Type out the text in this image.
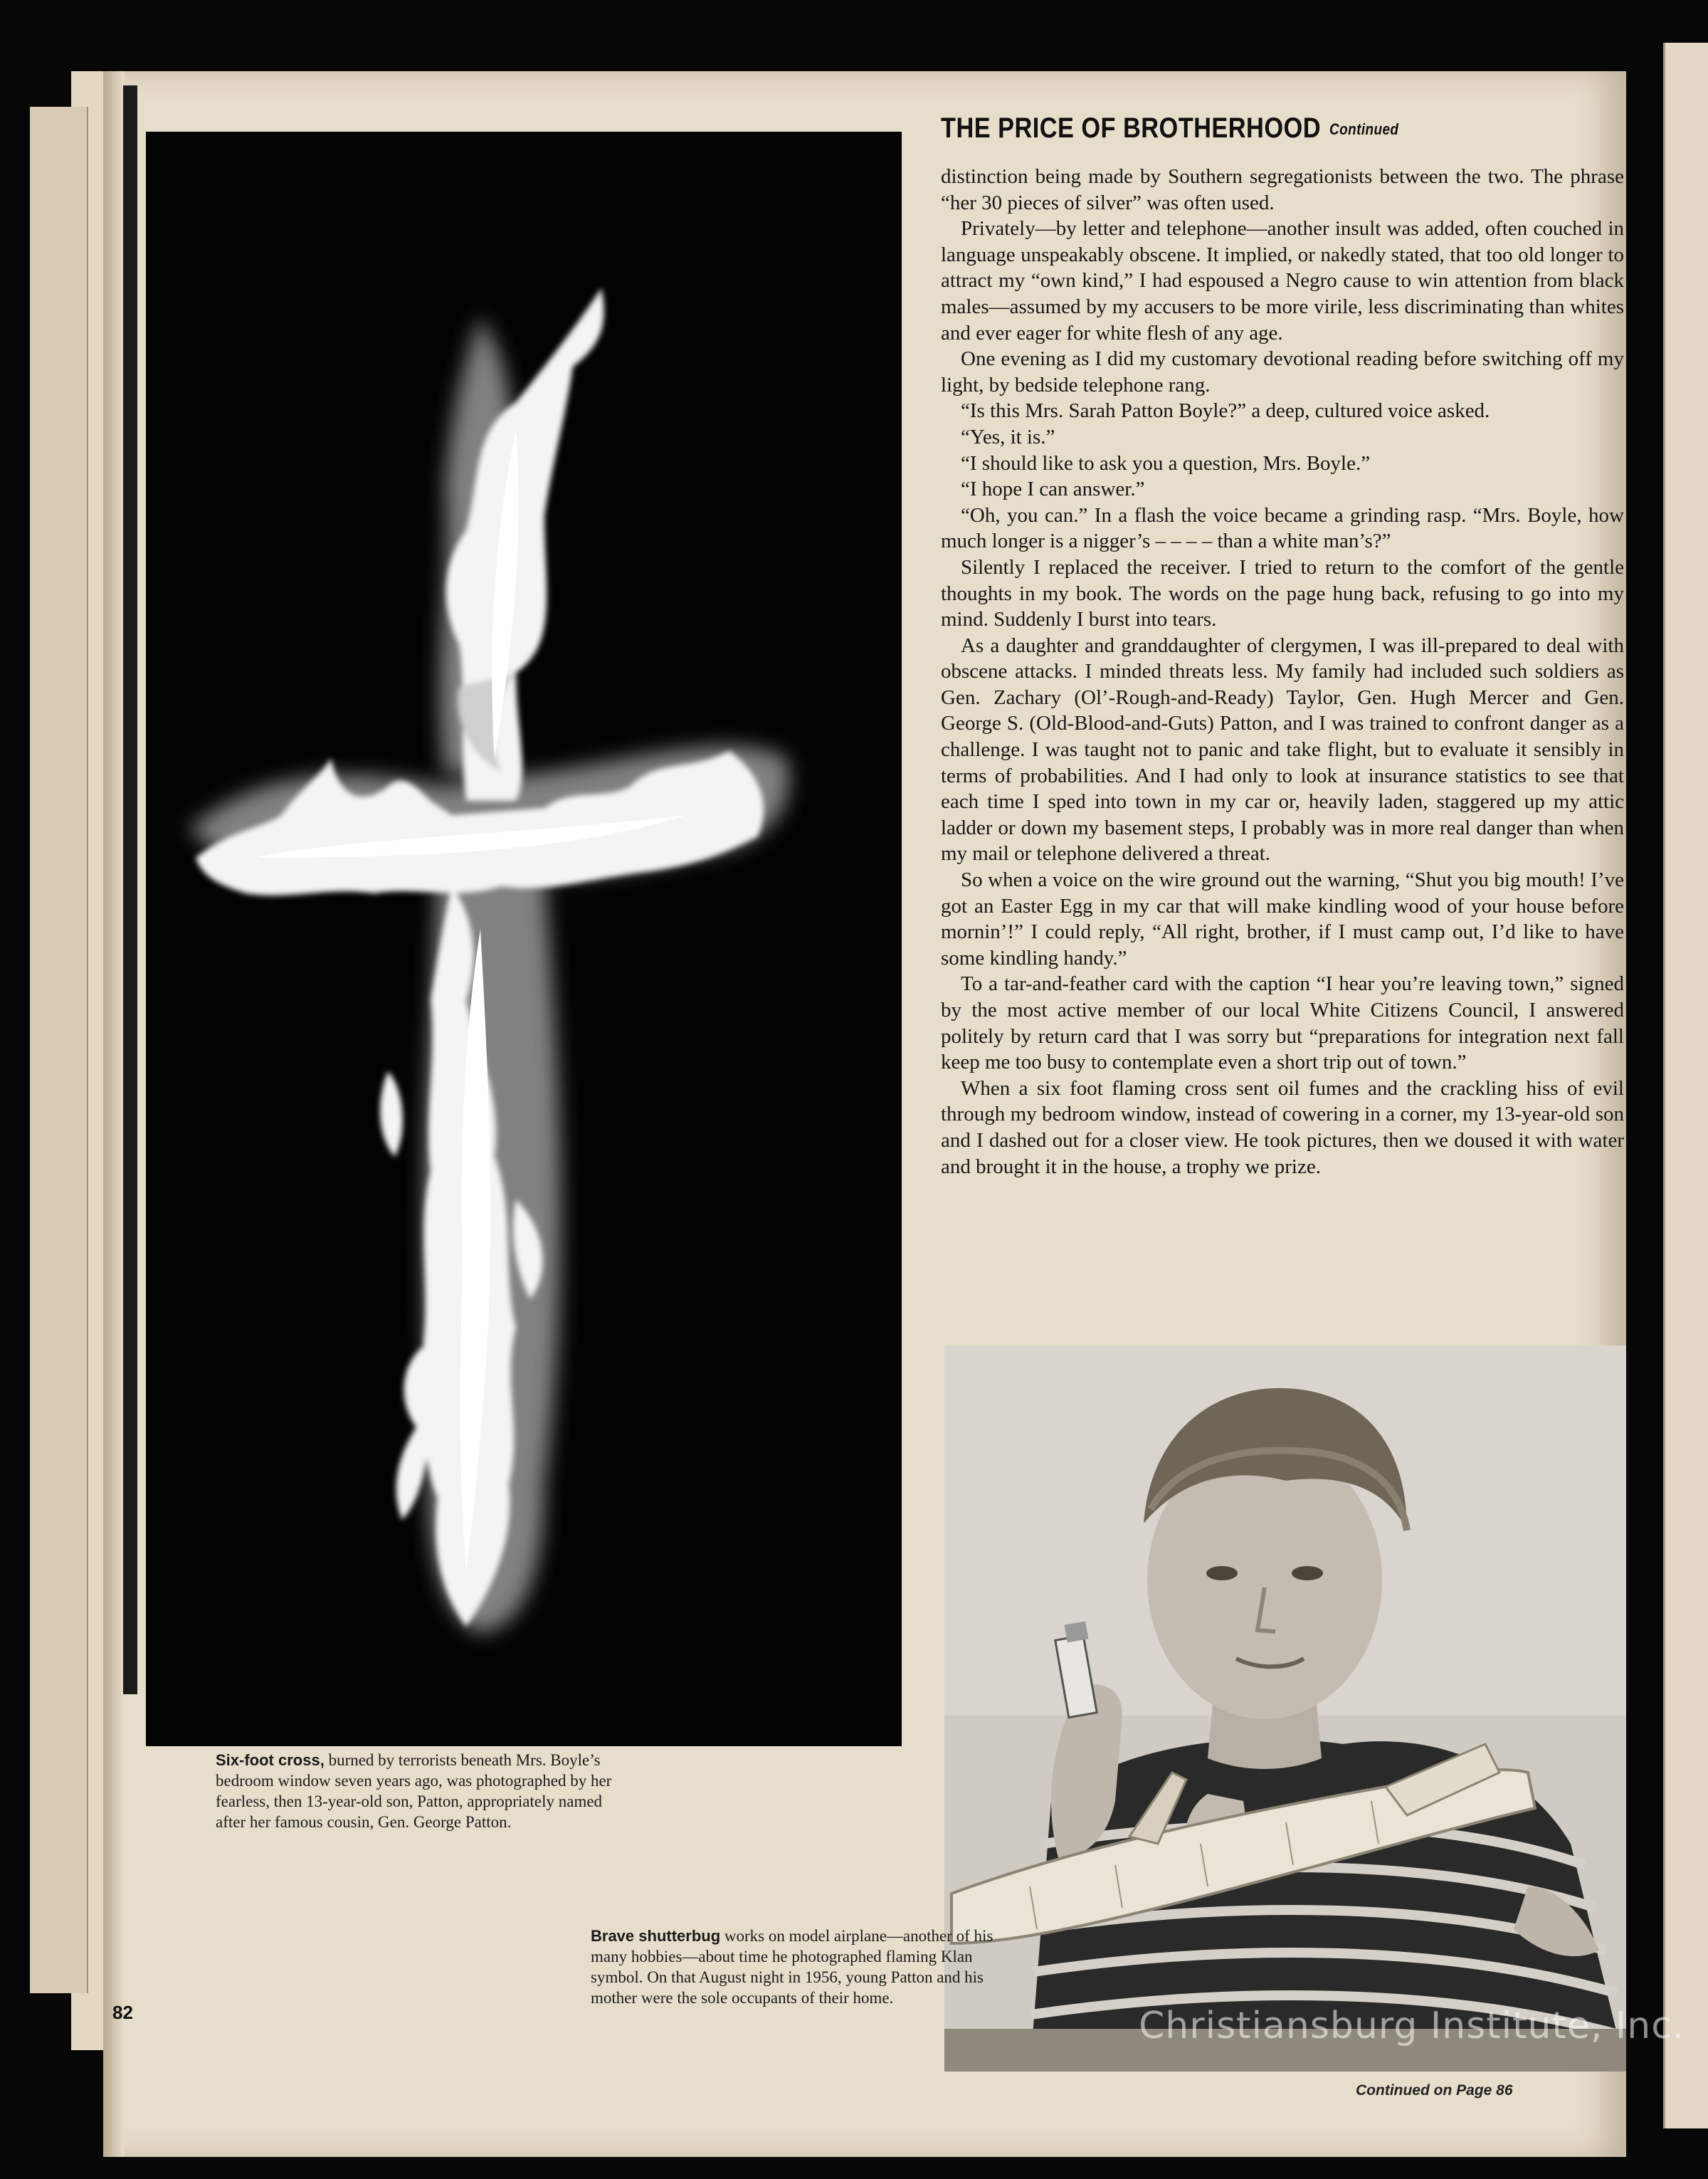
Six-foot cross, burned by terrorists beneath Mrs. Boyle’s bedroom window seven years ago, was photographed by her fearless, then 13-year-old son, Patton, appropriately named after her famous cousin, Gen. George Patton.
THE PRICE OF BROTHERHOOD Continued

distinction being made by Southern segregationists between the two. The phrase “her 30 pieces of silver” was often used.

Privately—by letter and telephone—another insult was added, often couched in language unspeakably obscene. It implied, or nakedly stated, that too old longer to attract my “own kind,” I had espoused a Negro cause to win attention from black males—assumed by my accusers to be more virile, less discriminating than whites and ever eager for white flesh of any age.

One evening as I did my customary devotional reading before switching off my light, by bedside telephone rang.

“Is this Mrs. Sarah Patton Boyle?” a deep, cultured voice asked.

“Yes, it is.”

“I should like to ask you a question, Mrs. Boyle.”

“I hope I can answer.”

“Oh, you can.” In a flash the voice became a grinding rasp. “Mrs. Boyle, how much longer is a nigger’s – – – – than a white man’s?”

Silently I replaced the receiver. I tried to return to the comfort of the gentle thoughts in my book. The words on the page hung back, refusing to go into my mind. Suddenly I burst into tears.

As a daughter and granddaughter of clergymen, I was ill-prepared to deal with obscene attacks. I minded threats less. My family had included such soldiers as Gen. Zachary (Ol’-Rough-and-Ready) Taylor, Gen. Hugh Mercer and Gen. George S. (Old-Blood-and-Guts) Patton, and I was trained to confront danger as a challenge. I was taught not to panic and take flight, but to evaluate it sensibly in terms of probabilities. And I had only to look at insurance statistics to see that each time I sped into town in my car or, heavily laden, staggered up my attic ladder or down my basement steps, I probably was in more real danger than when my mail or telephone delivered a threat.

So when a voice on the wire ground out the warning, “Shut you big mouth! I’ve got an Easter Egg in my car that will make kindling wood of your house before mornin’!” I could reply, “All right, brother, if I must camp out, I’d like to have some kindling handy.”

To a tar-and-feather card with the caption “I hear you’re leaving town,” signed by the most active member of our local White Citizens Council, I answered politely by return card that I was sorry but “preparations for integration next fall keep me too busy to contemplate even a short trip out of town.”

When a six foot flaming cross sent oil fumes and the crackling hiss of evil through my bedroom window, instead of cowering in a corner, my 13-year-old son and I dashed out for a closer view. He took pictures, then we doused it with water and brought it in the house, a trophy we prize.

Brave shutterbug works on model airplane—another of his many hobbies—about time he photographed flaming Klan symbol. On that August night in 1956, young Patton and his mother were the sole occupants of their home.
82
Continued on Page 86
Christiansburg Institute, Inc.
